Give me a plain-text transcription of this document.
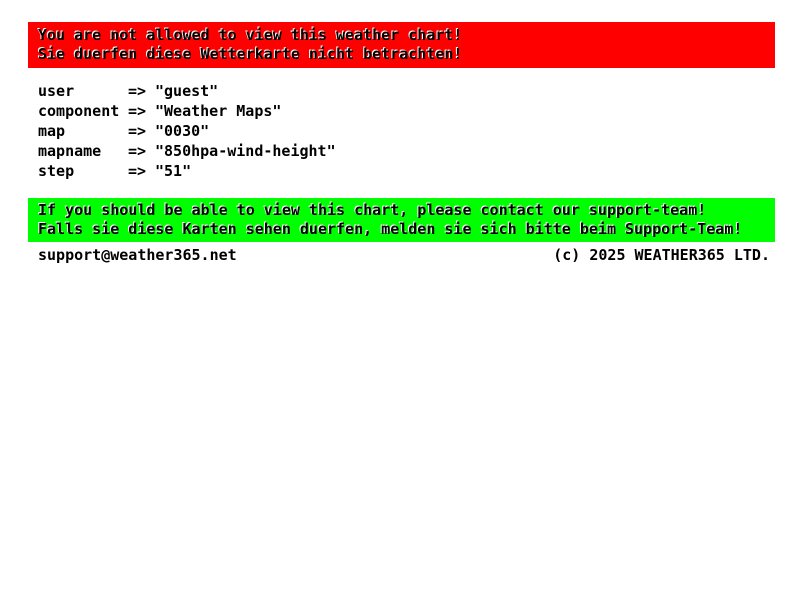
You are not allowed to view this weather chart!
Sie duerfen diese Wetterkarte nicht betrachten!
user	=> "guest"
component => "Weather Maps"
map	=> "0030"
mapname => "850hpa-wind-height"
step	=> "51"
If you should be able to view this chart, please contact our support-team!
Falls sie diese Karten sehen duerfen, melden sie sich bitte beim Support-Team!
support@weather365.net	(c) 2025 WEATHER365 LTD.
